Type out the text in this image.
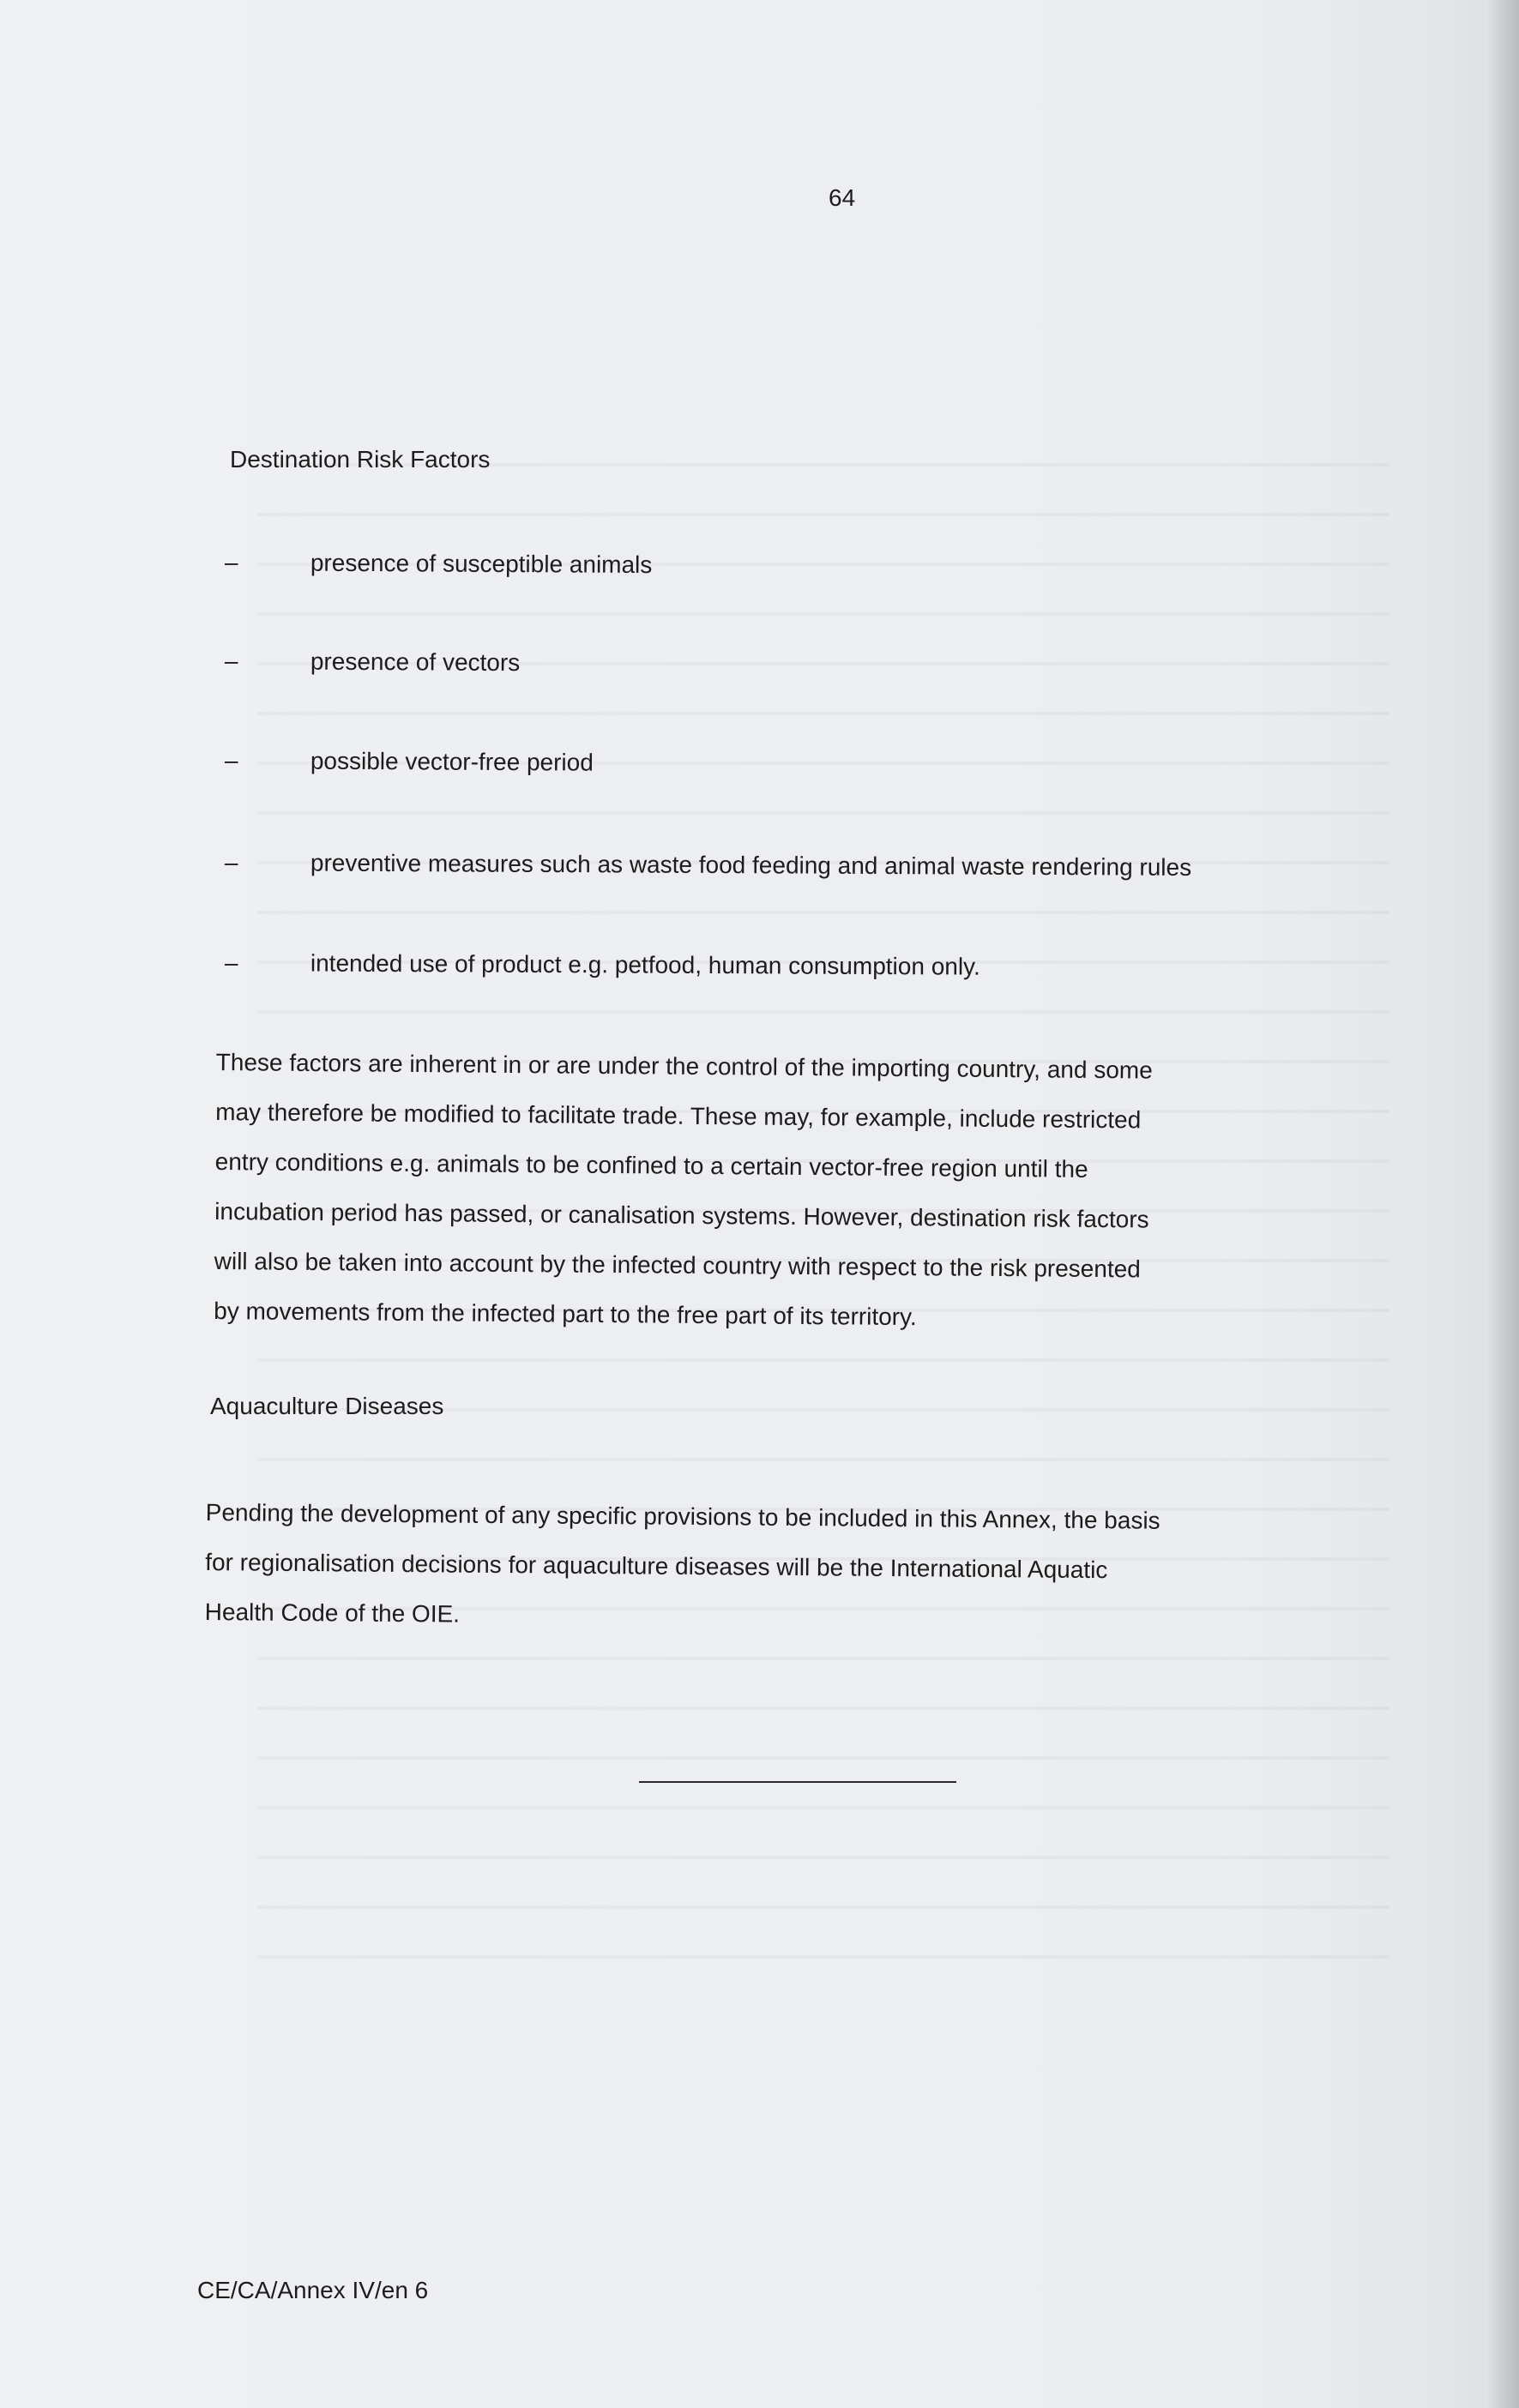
64
Destination Risk Factors
–	presence of susceptible animals
–	presence of vectors
–	possible vector-free period
–	preventive measures such as waste food feeding and animal waste rendering rules
–	intended use of product e.g. petfood, human consumption only.
These factors are inherent in or are under the control of the importing country, and some
may therefore be modified to facilitate trade. These may, for example, include restricted
entry conditions e.g. animals to be confined to a certain vector-free region until the
incubation period has passed, or canalisation systems. However, destination risk factors
will also be taken into account by the infected country with respect to the risk presented
by movements from the infected part to the free part of its territory.
Aquaculture Diseases
Pending the development of any specific provisions to be included in this Annex, the basis
for regionalisation decisions for aquaculture diseases will be the International Aquatic
Health Code of the OIE.
CE/CA/Annex IV/en 6
